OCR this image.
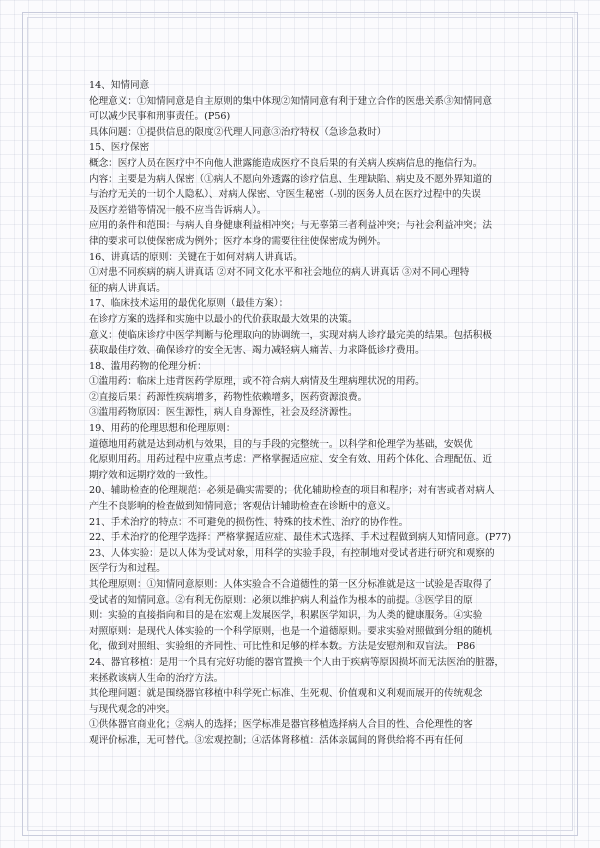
14、知情同意
伦理意义：①知情同意是自主原则的集中体现②知情同意有利于建立合作的医患关系③知情同意
可以减少民事和刑事责任。(P56)
具体问题：①提供信息的限度②代理人同意③治疗特权（急诊急救时）
15、医疗保密
概念：医疗人员在医疗中不向他人泄露能造成医疗不良后果的有关病人疾病信息的拖信行为。
内容：主要是为病人保密（①病人不愿向外透露的诊疗信息、生理缺陷、病史及不愿外界知道的
与治疗无关的一切个人隐私）、对病人保密、守医生秘密（-别的医务人员在医疗过程中的失误
及医疗差错等情况一般不应当告诉病人）。
应用的条件和范围：与病人自身健康利益相冲突；与无辜第三者利益冲突；与社会利益冲突；法
律的要求可以使保密成为例外；医疗本身的需要往往使保密成为例外。
16、讲真话的原则：关键在于如何对病人讲真话。
①对患不同疾病的病人讲真话 ②对不同文化水平和社会地位的病人讲真话 ③对不同心理特
征的病人讲真话。
17、临床技术运用的最优化原则（最佳方案）：
在诊疗方案的选择和实施中以最小的代价获取最大效果的决策。
意义：使临床诊疗中医学判断与伦理取向的协调统一，实现对病人诊疗最完美的结果。包括积极
获取最佳疗效、确保诊疗的安全无害、竭力减轻病人痛苦、力求降低诊疗费用。
18、滥用药物的伦理分析：
①滥用药：临床上违背医药学原理，或不符合病人病情及生理病理状况的用药。
②直接后果：药源性疾病增多，药物性依赖增多，医药资源浪费。
③滥用药物原因：医生源性，病人自身源性，社会及经济源性。
19、用药的伦理思想和伦理原则：
道德地用药就是达到动机与效果，目的与手段的完整统一。以科学和伦理学为基础，安娱优
化原则用药。用药过程中应重点考虑：严格掌握适应症、安全有效、用药个体化、合理配伍、近
期疗效和远期疗效的一致性。
20、辅助检查的伦理规范：必须是确实需要的；优化辅助检查的项目和程序；对有害或者对病人
产生不良影响的检查做到知情同意；客观估计辅助检查在诊断中的意义。
21、手术治疗的特点：不可避免的损伤性、特殊的技术性、治疗的协作性。
22、手术治疗的伦理学选择：严格掌握适应症、最佳术式选择、手术过程做到病人知情同意。(P77)
23、人体实验：是以人体为受试对象，用科学的实验手段，有控制地对受试者进行研究和观察的
医学行为和过程。
其伦理原则：①知情同意原则：人体实验合不合道德性的第一区分标准就是这一试验是否取得了
受试者的知情同意。②有利无伤原则：必须以维护病人利益作为根本的前提。③医学目的原
则：实验的直接指向和目的是在宏观上发展医学，积累医学知识，为人类的健康服务。④实验
对照原则：是现代人体实验的一个科学原则，也是一个道德原则。要求实验对照做到分组的随机
化，做到对照组、实验组的齐同性、可比性和足够的样本数。方法是安慰剂和双盲法。 P86
24、器官移植：是用一个具有完好功能的器官置换一个人由于疾病等原因损坏而无法医治的脏器，
来拯救该病人生命的治疗方法。
其伦理问题：就是围绕器官移植中科学死亡标准、生死观、价值观和义利观而展开的传统观念
与现代观念的冲突。
①供体器官商业化；②病人的选择；医学标准是器官移植选择病人合目的性、合伦理性的客
观评价标准，无可替代。③宏观控制；④活体肾移植：活体亲属间的肾供给将不再有任何
